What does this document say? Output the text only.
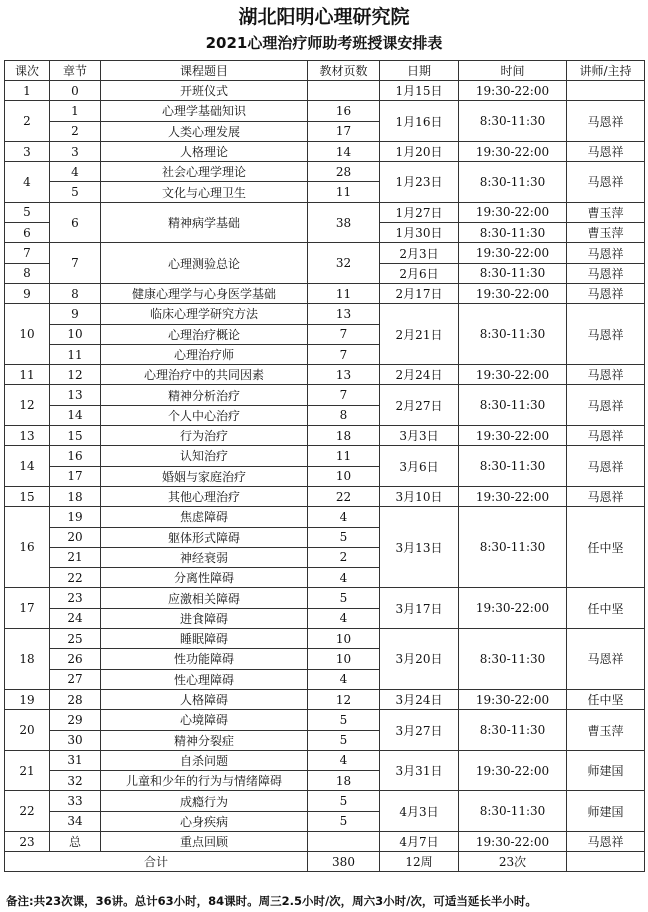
湖北阳明心理研究院
2021心理治疗师助考班授课安排表
课次	章节	课程题目	教材页数	日期	时间	讲师/主持
1	0	开班仪式		1月15日	19:30-22:00	
2	1	心理学基础知识	16	1月16日	8:30-11:30	马恩祥
	2	人类心理发展	17			
3	3	人格理论	14	1月20日	19:30-22:00	马恩祥
4	4	社会心理学理论	28	1月23日	8:30-11:30	马恩祥
	5	文化与心理卫生	11			
5	6	精神病学基础	38	1月27日	19:30-22:00	曹玉萍
6				1月30日	8:30-11:30	曹玉萍
7	7	心理测验总论	32	2月3日	19:30-22:00	马恩祥
8				2月6日	8:30-11:30	马恩祥
9	8	健康心理学与心身医学基础	11	2月17日	19:30-22:00	马恩祥
10	9	临床心理学研究方法	13	2月21日	8:30-11:30	马恩祥
	10	心理治疗概论	7			
	11	心理治疗师	7			
11	12	心理治疗中的共同因素	13	2月24日	19:30-22:00	马恩祥
12	13	精神分析治疗	7	2月27日	8:30-11:30	马恩祥
	14	个人中心治疗	8			
13	15	行为治疗	18	3月3日	19:30-22:00	马恩祥
14	16	认知治疗	11	3月6日	8:30-11:30	马恩祥
	17	婚姻与家庭治疗	10			
15	18	其他心理治疗	22	3月10日	19:30-22:00	马恩祥
16	19	焦虑障碍	4	3月13日	8:30-11:30	任中坚
	20	躯体形式障碍	5			
	21	神经衰弱	2			
	22	分离性障碍	4			
17	23	应激相关障碍	5	3月17日	19:30-22:00	任中坚
	24	进食障碍	4			
18	25	睡眠障碍	10	3月20日	8:30-11:30	马恩祥
	26	性功能障碍	10			
	27	性心理障碍	4			
19	28	人格障碍	12	3月24日	19:30-22:00	任中坚
20	29	心境障碍	5	3月27日	8:30-11:30	曹玉萍
	30	精神分裂症	5			
21	31	自杀问题	4	3月31日	19:30-22:00	师建国
	32	儿童和少年的行为与情绪障碍	18			
22	33	成瘾行为	5	4月3日	8:30-11:30	师建国
	34	心身疾病	5			
23	总	重点回顾		4月7日	19:30-22:00	马恩祥
合计			380	12周	23次	
备注:共23次课，36讲。总计63小时，84课时。周三2.5小时/次，周六3小时/次，可适当延长半小时。
